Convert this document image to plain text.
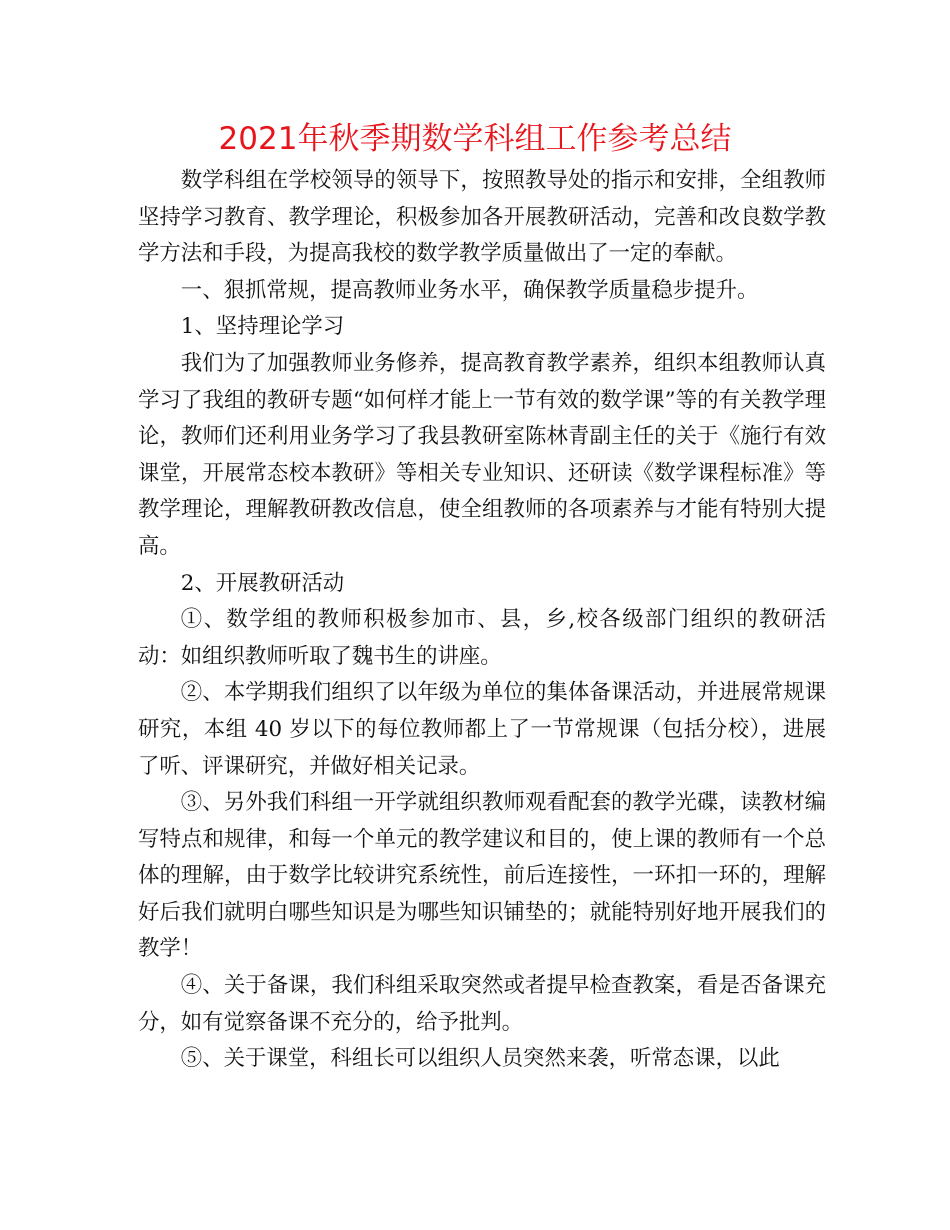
2021年秋季期数学科组工作参考总结

数学科组在学校领导的领导下，按照教导处的指示和安排，全组教师坚持学习教育、教学理论，积极参加各开展教研活动，完善和改良数学教学方法和手段，为提高我校的数学教学质量做出了一定的奉献。

一、狠抓常规，提高教师业务水平，确保教学质量稳步提升。

1、坚持理论学习

我们为了加强教师业务修养，提高教育教学素养，组织本组教师认真学习了我组的教研专题“如何样才能上一节有效的数学课”等的有关教学理论，教师们还利用业务学习了我县教研室陈林青副主任的关于《施行有效课堂，开展常态校本教研》等相关专业知识、还研读《数学课程标准》等教学理论，理解教研教改信息，使全组教师的各项素养与才能有特别大提高。

2、开展教研活动

①、数学组的教师积极参加市、县，乡,校各级部门组织的教研活动：如组织教师听取了魏书生的讲座。

②、本学期我们组织了以年级为单位的集体备课活动，并进展常规课研究，本组 40 岁以下的每位教师都上了一节常规课（包括分校），进展了听、评课研究，并做好相关记录。

③、另外我们科组一开学就组织教师观看配套的教学光碟，读教材编写特点和规律，和每一个单元的教学建议和目的，使上课的教师有一个总体的理解，由于数学比较讲究系统性，前后连接性，一环扣一环的，理解好后我们就明白哪些知识是为哪些知识铺垫的；就能特别好地开展我们的教学！

④、关于备课，我们科组采取突然或者提早检查教案，看是否备课充分，如有觉察备课不充分的，给予批判。

⑤、关于课堂，科组长可以组织人员突然来袭，听常态课，以此
